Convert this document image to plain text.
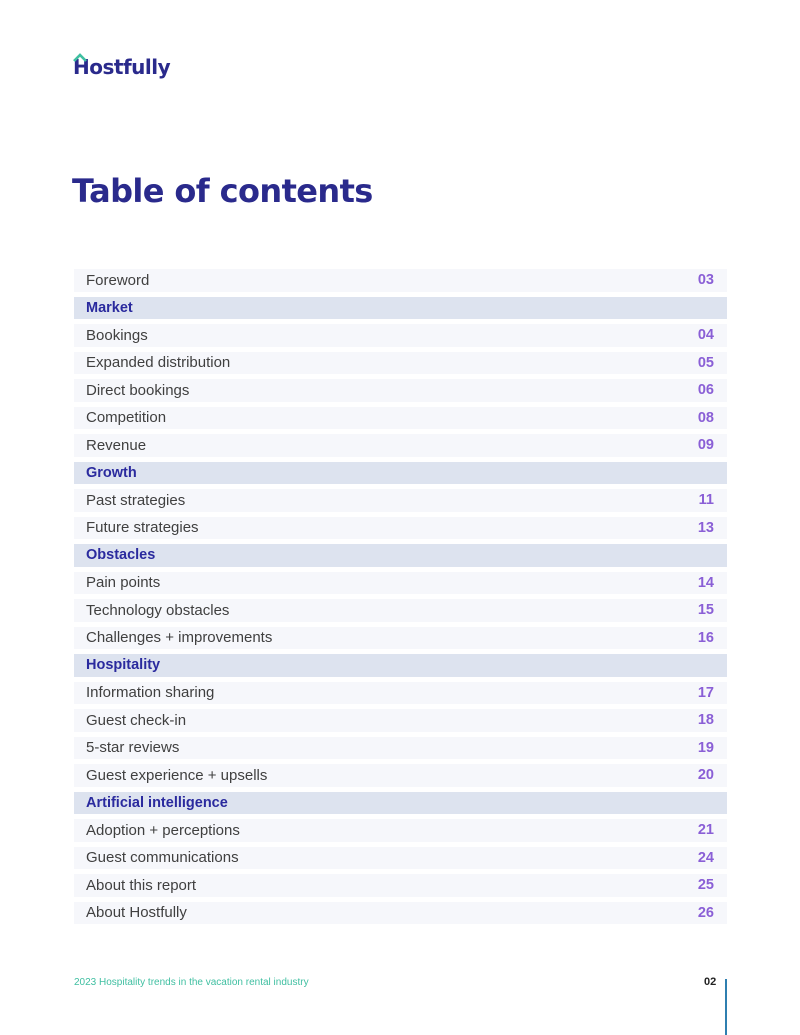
Hostfully
Table of contents
Foreword	03
Market
Bookings	04
Expanded distribution	05
Direct bookings	06
Competition	08
Revenue	09
Growth
Past strategies	11
Future strategies	13
Obstacles
Pain points	14
Technology obstacles	15
Challenges + improvements	16
Hospitality
Information sharing	17
Guest check-in	18
5-star reviews	19
Guest experience + upsells	20
Artificial intelligence
Adoption + perceptions	21
Guest communications	24
About this report	25
About Hostfully	26
2023 Hospitality trends in the vacation rental industry	02
